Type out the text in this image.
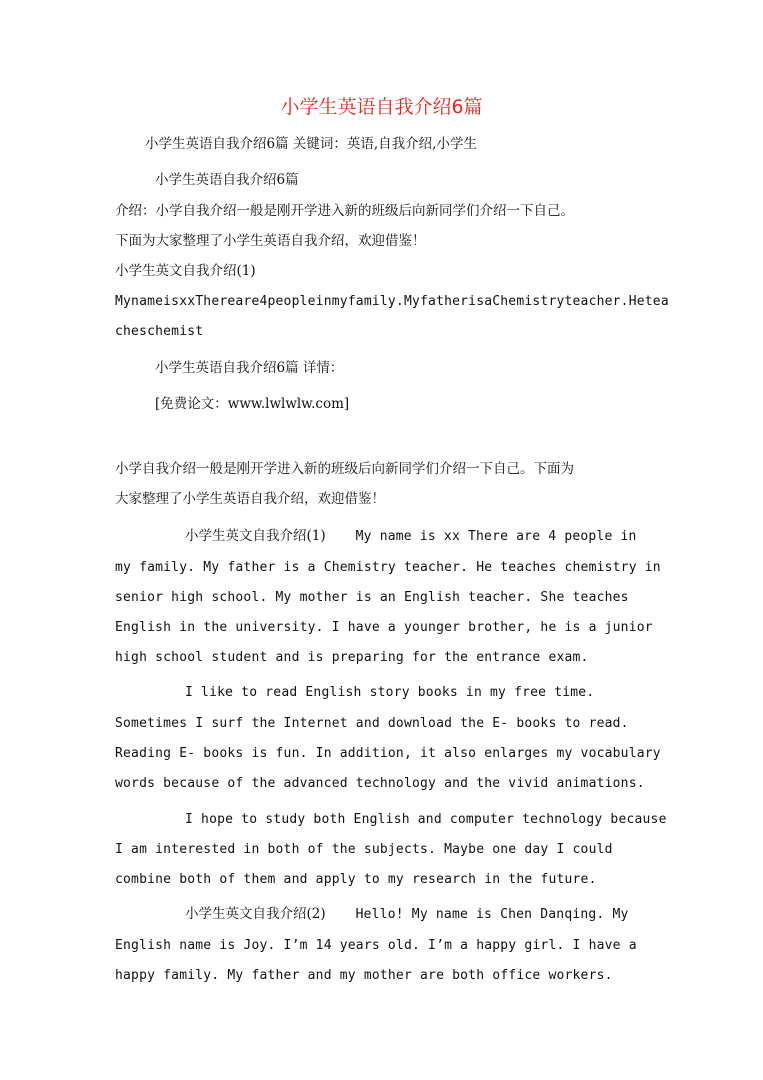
小学生英语自我介绍6篇
小学生英语自我介绍6篇 关键词：英语,自我介绍,小学生
小学生英语自我介绍6篇
介绍：小学自我介绍一般是刚开学进入新的班级后向新同学们介绍一下自己。
下面为大家整理了小学生英语自我介绍，欢迎借鉴！
小学生英文自我介绍(1)
MynameisxxThereare4peopleinmyfamily.MyfatherisaChemistryteacher.Hetea
cheschemist
小学生英语自我介绍6篇 详情：
[免费论文：www.lwlwlw.com]
小学自我介绍一般是刚开学进入新的班级后向新同学们介绍一下自己。下面为
大家整理了小学生英语自我介绍，欢迎借鉴！
小学生英文自我介绍(1) My name is xx There are 4 people in
my family. My father is a Chemistry teacher. He teaches chemistry in
senior high school. My mother is an English teacher. She teaches
English in the university. I have a younger brother, he is a junior
high school student and is preparing for the entrance exam.
I like to read English story books in my free time.
Sometimes I surf the Internet and download the E- books to read.
Reading E- books is fun. In addition, it also enlarges my vocabulary
words because of the advanced technology and the vivid animations.
I hope to study both English and computer technology because
I am interested in both of the subjects. Maybe one day I could
combine both of them and apply to my research in the future.
小学生英文自我介绍(2) Hello! My name is Chen Danqing. My
English name is Joy. I’m 14 years old. I’m a happy girl. I have a
happy family. My father and my mother are both office workers.
